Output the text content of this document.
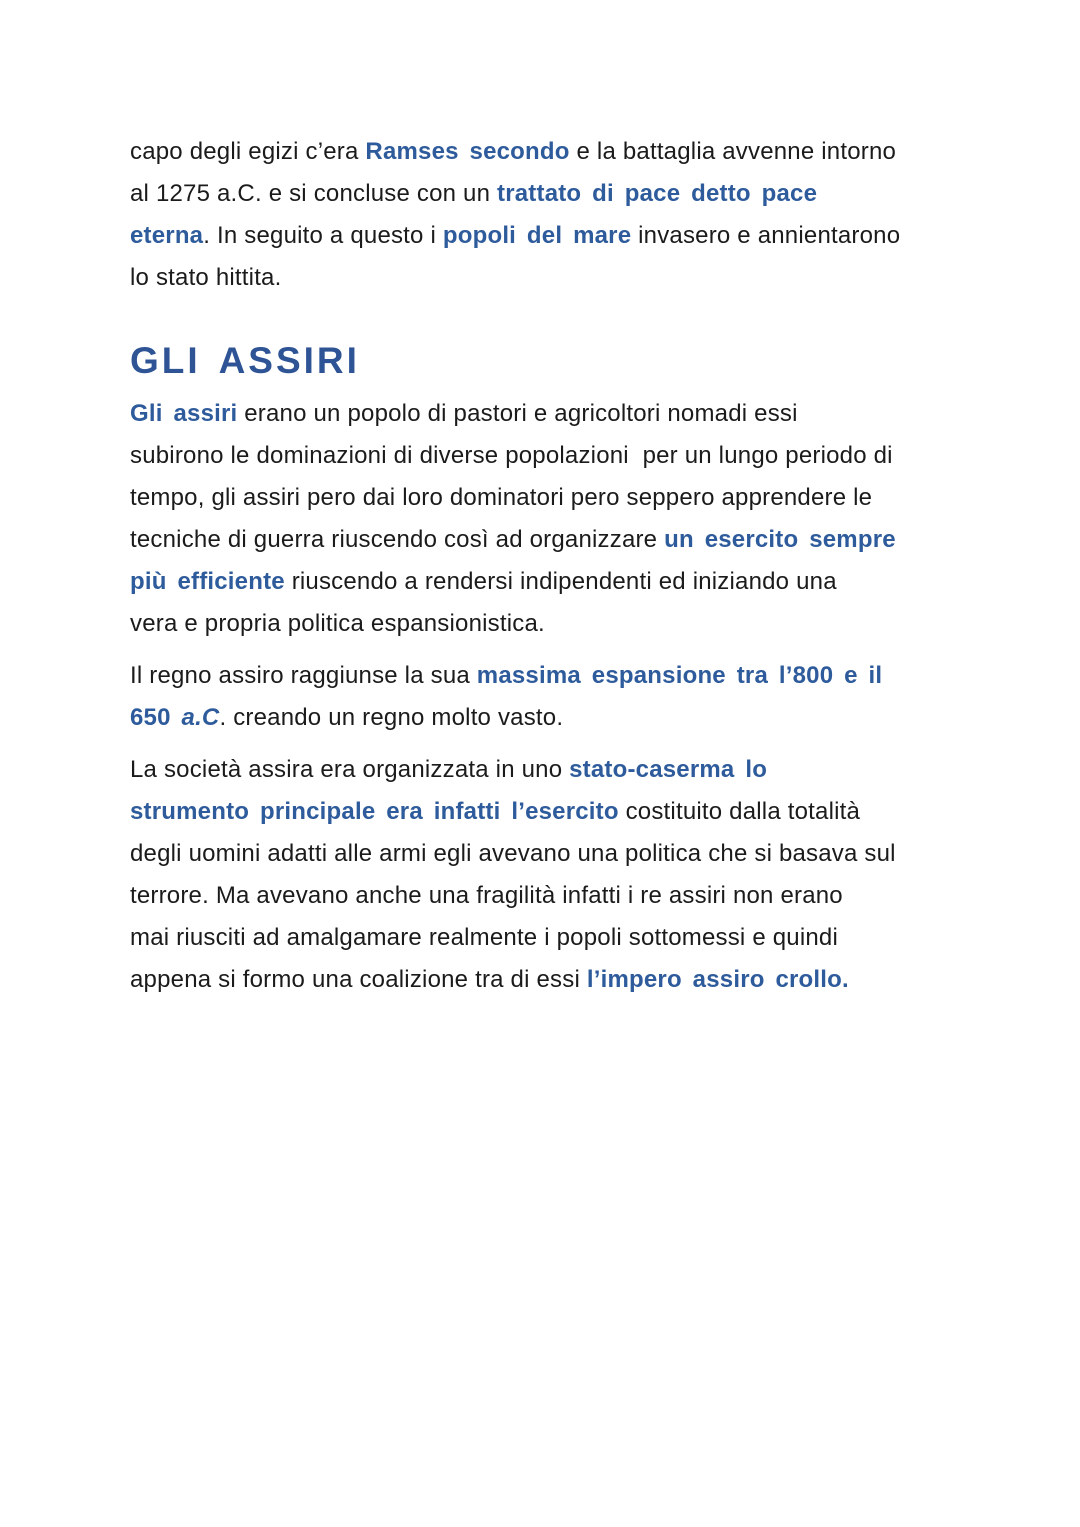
capo degli egizi c’era Ramses secondo e la battaglia avvenne intorno
al 1275 a.C. e si concluse con un trattato di pace detto pace
eterna. In seguito a questo i popoli del mare invasero e annientarono
lo stato hittita.
GLI ASSIRI
Gli assiri erano un popolo di pastori e agricoltori nomadi essi
subirono le dominazioni di diverse popolazioni  per un lungo periodo di
tempo, gli assiri pero dai loro dominatori pero seppero apprendere le
tecniche di guerra riuscendo così ad organizzare un esercito sempre
più efficiente riuscendo a rendersi indipendenti ed iniziando una
vera e propria politica espansionistica.
Il regno assiro raggiunse la sua massima espansione tra l’800 e il
650 a.C. creando un regno molto vasto.
La società assira era organizzata in uno stato-caserma lo
strumento principale era infatti l’esercito costituito dalla totalità
degli uomini adatti alle armi egli avevano una politica che si basava sul
terrore. Ma avevano anche una fragilità infatti i re assiri non erano
mai riusciti ad amalgamare realmente i popoli sottomessi e quindi
appena si formo una coalizione tra di essi l’impero assiro crollo.
